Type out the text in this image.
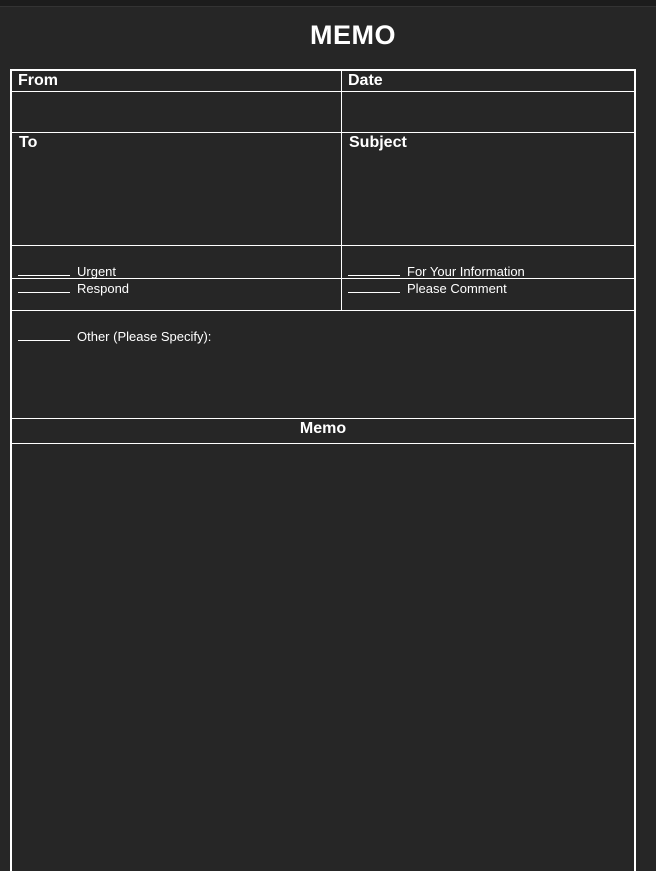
MEMO
From	Date
To	Subject
Urgent	For Your Information
Respond	Please Comment
Other (Please Specify):
Memo
